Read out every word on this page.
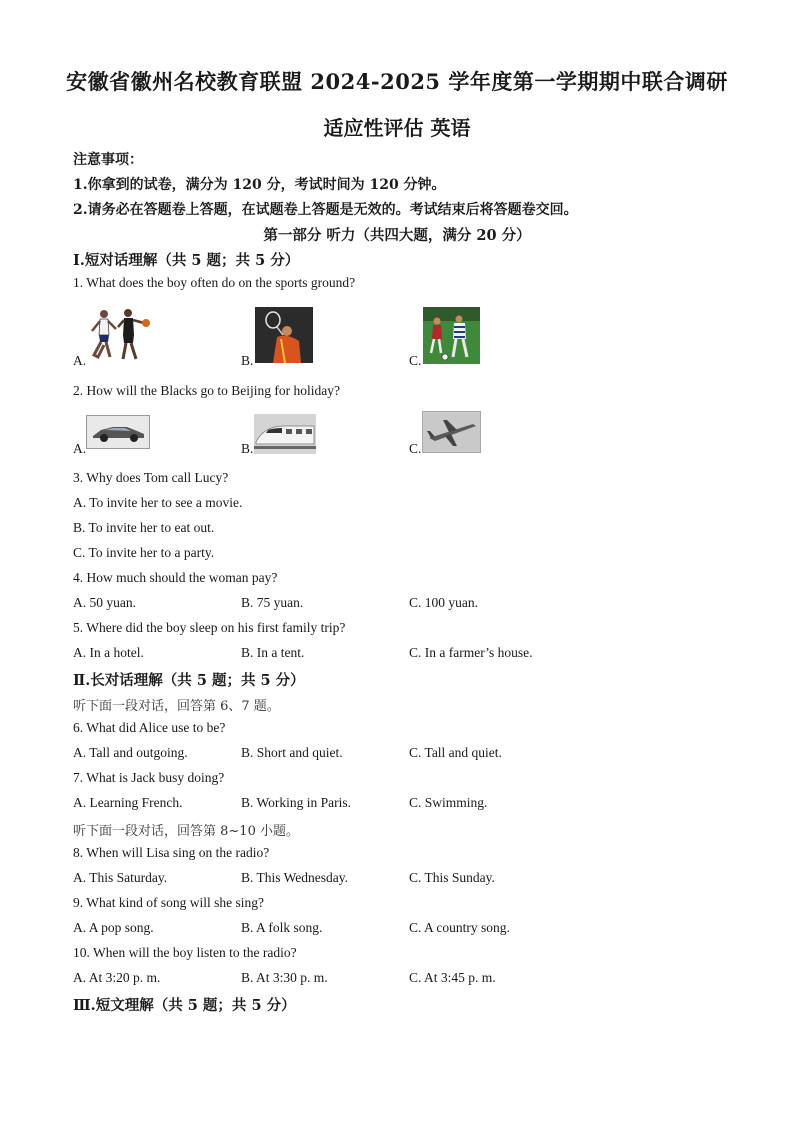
安徽省徽州名校教育联盟 2024-2025 学年度第一学期期中联合调研
适应性评估 英语
注意事项：
1.你拿到的试卷，满分为 120 分，考试时间为 120 分钟。
2.请务必在答题卷上答题，在试题卷上答题是无效的。考试结束后将答题卷交回。
第一部分 听力（共四大题，满分 20 分）
Ⅰ.短对话理解（共 5 题；共 5 分）
1. What does the boy often do on the sports ground?
A.	B.	C.
2. How will the Blacks go to Beijing for holiday?
A.	B.	C.
3. Why does Tom call Lucy?
A. To invite her to see a movie.
B. To invite her to eat out.
C. To invite her to a party.
4. How much should the woman pay?
A. 50 yuan.	B. 75 yuan.	C. 100 yuan.
5. Where did the boy sleep on his first family trip?
A. In a hotel.	B. In a tent.	C. In a farmer’s house.
Ⅱ.长对话理解（共 5 题；共 5 分）
听下面一段对话，回答第 6、7 题。
6. What did Alice use to be?
A. Tall and outgoing.	B. Short and quiet.	C. Tall and quiet.
7. What is Jack busy doing?
A. Learning French.	B. Working in Paris.	C. Swimming.
听下面一段对话，回答第 8~10 小题。
8. When will Lisa sing on the radio?
A. This Saturday.	B. This Wednesday.	C. This Sunday.
9. What kind of song will she sing?
A. A pop song.	B. A folk song.	C. A country song.
10. When will the boy listen to the radio?
A. At 3:20 p. m.	B. At 3:30 p. m.	C. At 3:45 p. m.
Ⅲ.短文理解（共 5 题；共 5 分）
